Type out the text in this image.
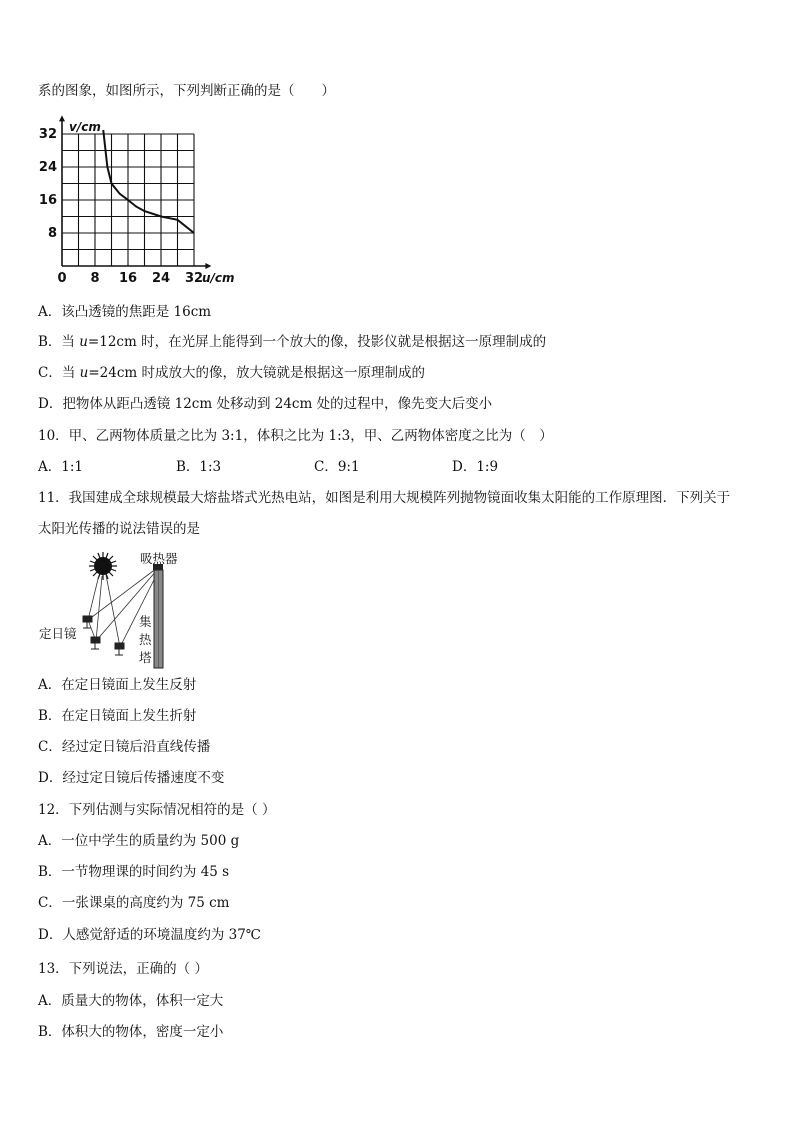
系的图象，如图所示，下列判断正确的是（　　）
0 8 16 24 32
32
24
16
8
v/cm
u/cm
A．该凸透镜的焦距是 16cm
B．当 u=12cm 时，在光屏上能得到一个放大的像，投影仪就是根据这一原理制成的
C．当 u=24cm 时成放大的像，放大镜就是根据这一原理制成的
D．把物体从距凸透镜 12cm 处移动到 24cm 处的过程中，像先变大后变小
10．甲、乙两物体质量之比为 3:1，体积之比为 1:3，甲、乙两物体密度之比为（　）
A．1:1	B．1:3	C．9:1	D．1:9
11．我国建成全球规模最大熔盐塔式光热电站，如图是利用大规模阵列抛物镜面收集太阳能的工作原理图．下列关于
太阳光传播的说法错误的是
吸热器
定日镜
集
热
塔
A．在定日镜面上发生反射
B．在定日镜面上发生折射
C．经过定日镜后沿直线传播
D．经过定日镜后传播速度不变
12．下列估测与实际情况相符的是（ ）
A．一位中学生的质量约为 500 g
B．一节物理课的时间约为 45 s
C．一张课桌的高度约为 75 cm
D．人感觉舒适的环境温度约为 37℃
13．下列说法，正确的（ ）
A．质量大的物体，体积一定大
B．体积大的物体，密度一定小
